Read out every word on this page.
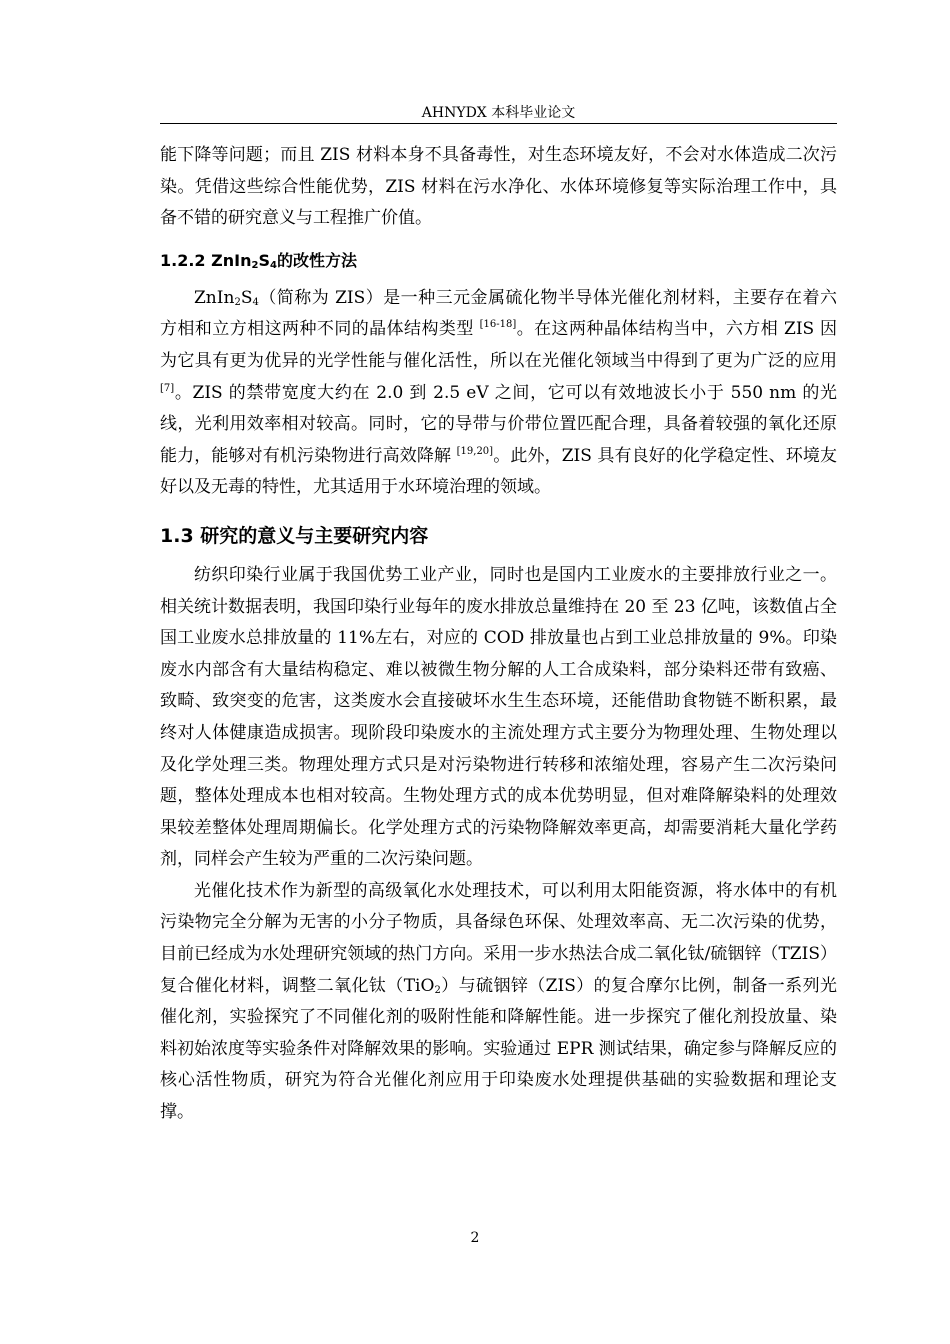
AHNYDX 本科毕业论文

能下降等问题；而且 ZIS 材料本身不具备毒性，对生态环境友好，不会对水体造成二次污染。凭借这些综合性能优势，ZIS 材料在污水净化、水体环境修复等实际治理工作中，具备不错的研究意义与工程推广价值。

1.2.2 $ZnIn_2S_4$的改性方法

$ZnIn_2S_4$（简称为 ZIS）是一种三元金属硫化物半导体光催化剂材料，主要存在着六方相和立方相这两种不同的晶体结构类型 [16-18]。在这两种晶体结构当中，六方相 ZIS 因为它具有更为优异的光学性能与催化活性，所以在光催化领域当中得到了更为广泛的应用[7]。ZIS 的禁带宽度大约在 2.0 到 2.5 eV 之间，它可以有效地波长小于 550 nm 的光线，光利用效率相对较高。同时，它的导带与价带位置匹配合理，具备着较强的氧化还原能力，能够对有机污染物进行高效降解 [19,20]。此外，ZIS 具有良好的化学稳定性、环境友好以及无毒的特性，尤其适用于水环境治理的领域。

1.3 研究的意义与主要研究内容

纺织印染行业属于我国优势工业产业，同时也是国内工业废水的主要排放行业之一。相关统计数据表明，我国印染行业每年的废水排放总量维持在 20 至 23 亿吨，该数值占全国工业废水总排放量的 11%左右，对应的 COD 排放量也占到工业总排放量的 9%。印染废水内部含有大量结构稳定、难以被微生物分解的人工合成染料，部分染料还带有致癌、致畸、致突变的危害，这类废水会直接破坏水生生态环境，还能借助食物链不断积累，最终对人体健康造成损害。现阶段印染废水的主流处理方式主要分为物理处理、生物处理以及化学处理三类。物理处理方式只是对污染物进行转移和浓缩处理，容易产生二次污染问题，整体处理成本也相对较高。生物处理方式的成本优势明显，但对难降解染料的处理效果较差整体处理周期偏长。化学处理方式的污染物降解效率更高，却需要消耗大量化学药剂，同样会产生较为严重的二次污染问题。

光催化技术作为新型的高级氧化水处理技术，可以利用太阳能资源，将水体中的有机污染物完全分解为无害的小分子物质，具备绿色环保、处理效率高、无二次污染的优势，目前已经成为水处理研究领域的热门方向。采用一步水热法合成二氧化钛/硫铟锌（TZIS）复合催化材料，调整二氧化钛（TiO$_2$）与硫铟锌（ZIS）的复合摩尔比例，制备一系列光催化剂，实验探究了不同催化剂的吸附性能和降解性能。进一步探究了催化剂投放量、染料初始浓度等实验条件对降解效果的影响。实验通过 EPR 测试结果，确定参与降解反应的核心活性物质，研究为符合光催化剂应用于印染废水处理提供基础的实验数据和理论支撑。

2
